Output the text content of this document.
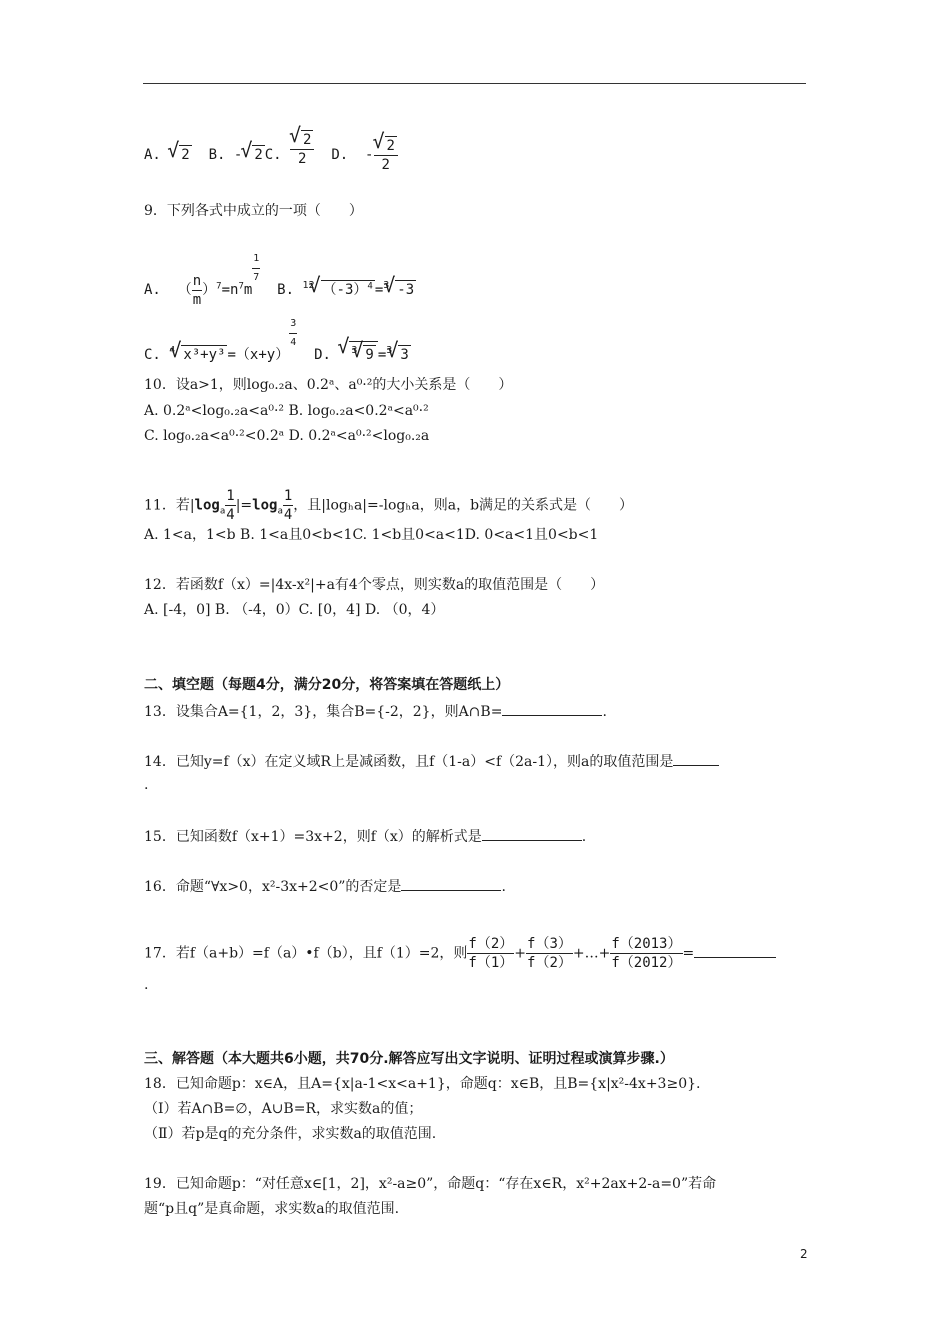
A. √ 2  B. -√ 2 C.
√ $\frac{2}{2} D$.  -
√ $\frac{2}{2}$
9．下列各式中成立的一项（　　）
A.  （ $\frac{n}{m} )^7=n^7m$
$\frac{1}{7}$
B. $^{12}$√ $(-3)^4 =^3√$ -3
C. $^4$√ x³+y³ =（x+y）
$\frac{3}{4}$
D. √ $^3$√ 9 =$^3$√ 3
10．设a>1，则log₀.₂a、0.2ᵃ、a⁰·²的大小关系是（　　）
A. 0.2ᵃ<log₀.₂a<a⁰·² B. log₀.₂a<0.2ᵃ<a⁰·²
C. log₀.₂a<a⁰·²<0.2ᵃ D. 0.2ᵃ<a⁰·²<log₀.₂a
11．若$|\log_a \frac{1}{4} |=\log_a \frac{1}{4}$ ，且|logₕa|=-logₕa，则a，b满足的关系式是（　　）
A. 1<a，1<b B. 1<a且0<b<1C. 1<b且0<a<1D. 0<a<1且0<b<1
12．若函数f（x）=|4x-x²|+a有4个零点，则实数a的取值范围是（　　）
A. [-4，0] B. （-4，0）C. [0，4] D. （0，4）
二、填空题（每题4分，满分20分，将答案填在答题纸上）
13．设集合A={1，2，3}，集合B={-2，2}，则A∩B=	.
14．已知y=f（x）在定义域R上是减函数，且f（1-a）<f（2a-1），则a的取值范围是
.
15．已知函数f（x+1）=3x+2，则f（x）的解析式是	.
16．命题“∀x>0，x²-3x+2<0”的否定是	.
17．若f（a+b）=f（a）•f（b），且f（1）=2，则 $\frac{f(2)}{f(1)} + \frac{f(3)}{f(2)}$ +…+ $\frac{f(2013)}{f(2012)}$ =
.
三、解答题（本大题共6小题，共70分.解答应写出文字说明、证明过程或演算步骤.）
18．已知命题p：x∈A，且A={x|a-1<x<a+1}，命题q：x∈B，且B={x|x²-4x+3≥0}.
（Ⅰ）若A∩B=∅，A∪B=R，求实数a的值；
（Ⅱ）若p是q的充分条件，求实数a的取值范围.
19．已知命题p：“对任意x∈[1，2]，x²-a≥0”，命题q：“存在x∈R，x²+2ax+2-a=0”若命
题“p且q”是真命题，求实数a的取值范围.
2
